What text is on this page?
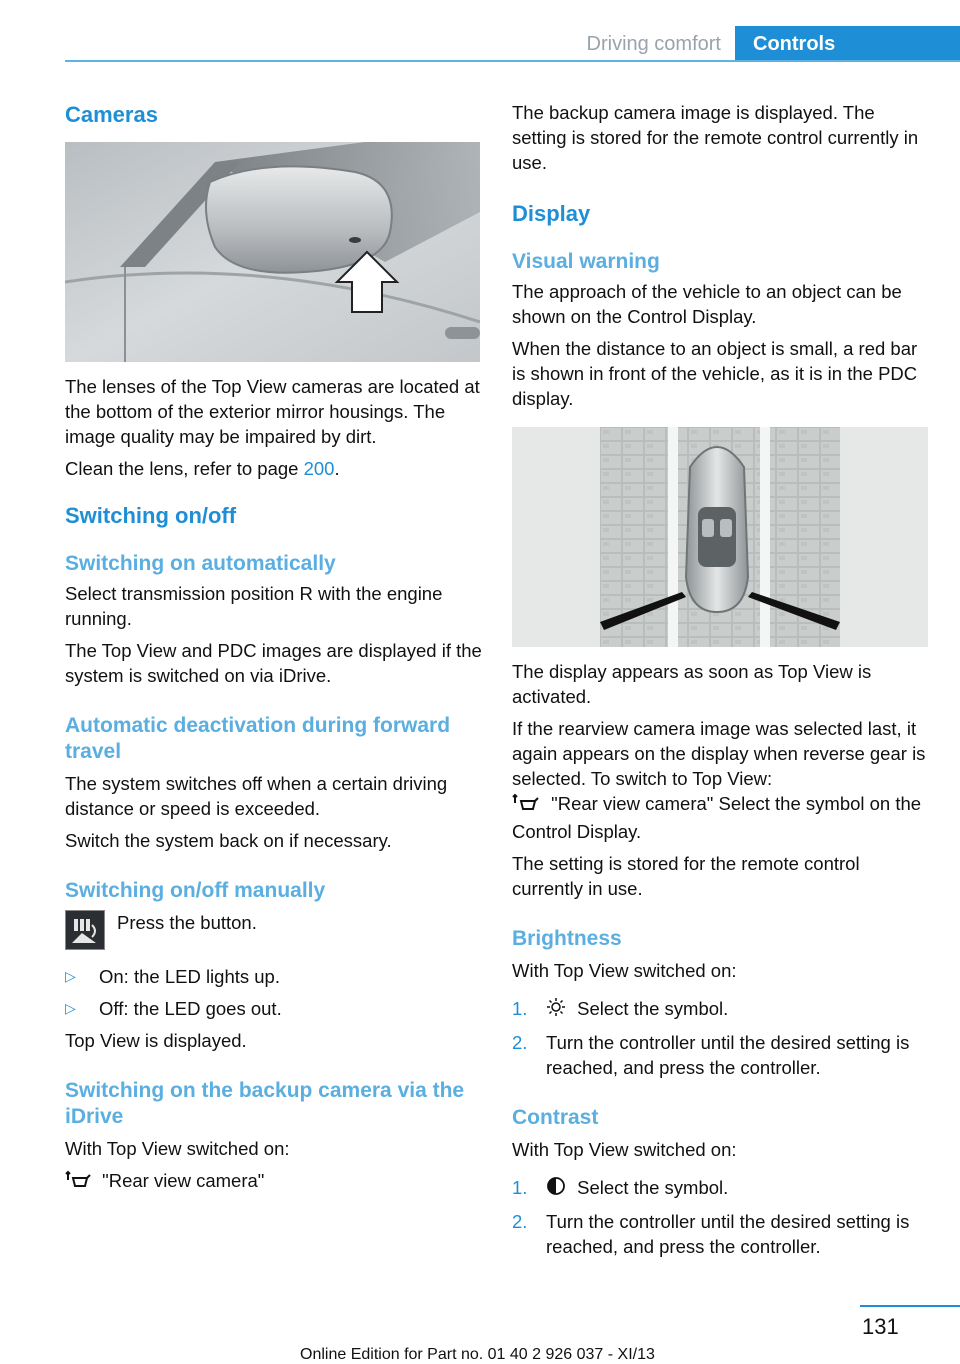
Driving comfort	Controls
Cameras

The lenses of the Top View cameras are located at the bottom of the exterior mirror housings. The image quality may be impaired by dirt.

Clean the lens, refer to page 200.

Switching on/off
Switching on automatically

Select transmission position R with the engine running.

The Top View and PDC images are displayed if the system is switched on via iDrive.

Automatic deactivation during forward travel

The system switches off when a certain driving distance or speed is exceeded.

Switch the system back on if necessary.

Switching on/off manually

Press the button.

▷ On: the LED lights up.
▷ Off: the LED goes out.

Top View is displayed.

Switching on the backup camera via the iDrive

With Top View switched on:

"Rear view camera"

The backup camera image is displayed. The setting is stored for the remote control currently in use.

Display
Visual warning

The approach of the vehicle to an object can be shown on the Control Display.

When the distance to an object is small, a red bar is shown in front of the vehicle, as it is in the PDC display.

The display appears as soon as Top View is activated.

If the rearview camera image was selected last, it again appears on the display when reverse gear is selected. To switch to Top View:

"Rear view camera" Select the symbol on the Control Display.

The setting is stored for the remote control currently in use.

Brightness

With Top View switched on:

1.	Select the symbol.
2. Turn the controller until the desired setting is reached, and press the controller.
Contrast

With Top View switched on:

1.	Select the symbol.
2. Turn the controller until the desired setting is reached, and press the controller.
131
Online Edition for Part no. 01 40 2 926 037 - XI/13
